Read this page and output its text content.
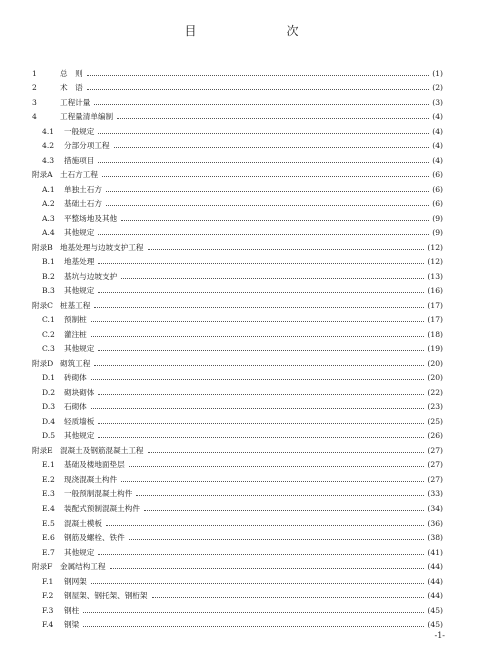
目　　次
1	总　则	(1)
2	术　语	(2)
3	工程计量	(3)
4	工程量清单编制	(4)
4.1	一般规定	(4)
4.2	分部分项工程	(4)
4.3	措施项目	(4)
附录A 土石方工程	(6)
A.1	单独土石方	(6)
A.2	基础土石方	(6)
A.3	平整场地及其他	(9)
A.4	其他规定	(9)
附录B 地基处理与边坡支护工程	(12)
B.1	地基处理	(12)
B.2	基坑与边坡支护	(13)
B.3	其他规定	(16)
附录C 桩基工程	(17)
C.1	预制桩	(17)
C.2	灌注桩	(18)
C.3	其他规定	(19)
附录D 砌筑工程	(20)
D.1	砖砌体	(20)
D.2	砌块砌体	(22)
D.3	石砌体	(23)
D.4	轻质墙板	(25)
D.5	其他规定	(26)
附录E 混凝土及钢筋混凝土工程	(27)
E.1	基础及楼地面垫层	(27)
E.2	现浇混凝土构件	(27)
E.3	一般预制混凝土构件	(33)
E.4	装配式预制混凝土构件	(34)
E.5	混凝土模板	(36)
E.6	钢筋及螺栓、铁件	(38)
E.7	其他规定	(41)
附录F 金属结构工程	(44)
F.1	钢网架	(44)
F.2	钢屋架、钢托架、钢桁架	(44)
F.3	钢柱	(45)
F.4	钢梁	(45)
-1-
